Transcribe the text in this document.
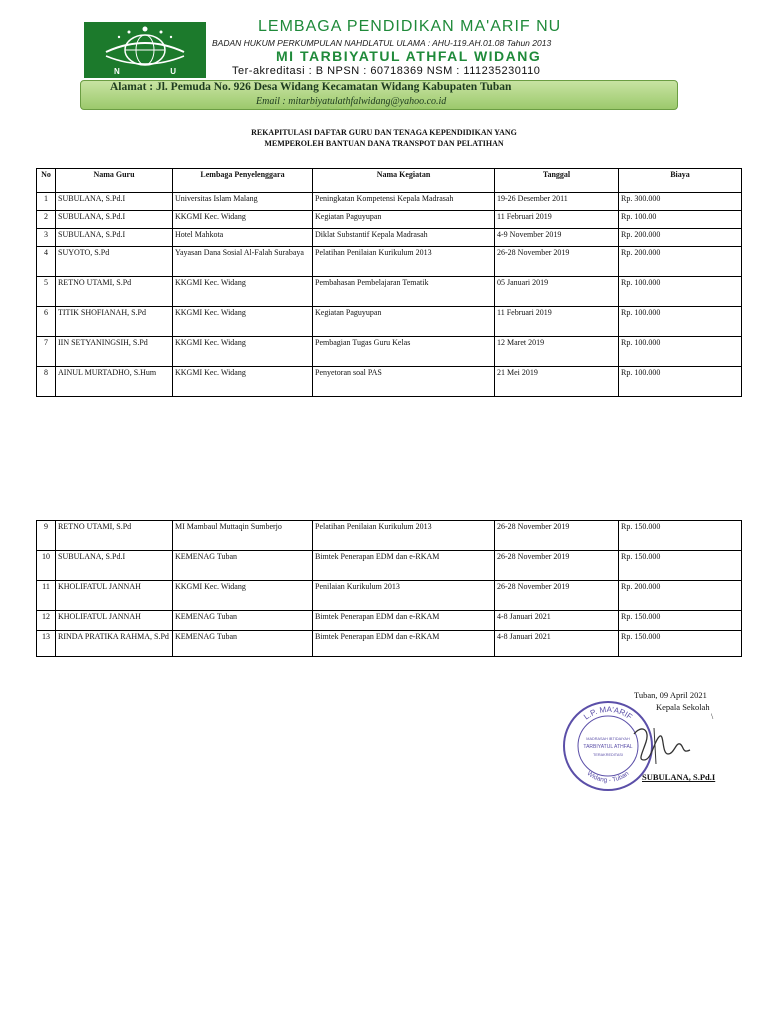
N	U
LEMBAGA PENDIDIKAN MA'ARIF NU
BADAN HUKUM PERKUMPULAN NAHDLATUL ULAMA : AHU-119.AH.01.08 Tahun 2013
MI TARBIYATUL ATHFAL WIDANG
Ter-akreditasi : B NPSN : 60718369 NSM : 111235230110
Alamat : Jl. Pemuda No. 926 Desa Widang Kecamatan Widang Kabupaten Tuban
Email : mitarbiyatulathfalwidang@yahoo.co.id
REKAPITULASI DAFTAR GURU DAN TENAGA KEPENDIDIKAN YANG
MEMPEROLEH BANTUAN DANA TRANSPOT DAN PELATIHAN
No	Nama Guru	Lembaga Penyelenggara	Nama Kegiatan	Tanggal	Biaya
1	SUBULANA, S.Pd.I	Universitas Islam Malang	Peningkatan Kompetensi Kepala Madrasah	19-26 Desember 2011	Rp. 300.000
2	SUBULANA, S.Pd.I	KKGMI Kec. Widang	Kegiatan Paguyupan	11 Februari 2019	Rp. 100.00
3	SUBULANA, S.Pd.I	Hotel Mahkota	Diklat Substantif Kepala Madrasah	4-9 November 2019	Rp. 200.000
4	SUYOTO, S.Pd	Yayasan Dana Sosial Al-Falah Surabaya	Pelatihan Penilaian Kurikulum 2013	26-28 November 2019	Rp. 200.000
5	RETNO UTAMI, S.Pd	KKGMI Kec. Widang	Pembahasan Pembelajaran Tematik	05 Januari 2019	Rp. 100.000
6	TITIK SHOFIANAH, S.Pd	KKGMI Kec. Widang	Kegiatan Paguyupan	11 Februari 2019	Rp. 100.000
7	IIN SETYANINGSIH, S.Pd	KKGMI Kec. Widang	Pembagian Tugas Guru Kelas	12 Maret 2019	Rp. 100.000
8	AINUL MURTADHO, S.Hum	KKGMI Kec. Widang	Penyetoran soal PAS	21 Mei 2019	Rp. 100.000
9	RETNO UTAMI, S.Pd	MI Mambaul Muttaqin Sumberjo	Pelatihan Penilaian Kurikulum 2013	26-28 November 2019	Rp. 150.000
10	SUBULANA, S.Pd.I	KEMENAG Tuban	Bimtek Penerapan EDM dan e-RKAM	26-28 November 2019	Rp. 150.000
11	KHOLIFATUL JANNAH	KKGMI Kec. Widang	Penilaian Kurikulum 2013	26-28 November 2019	Rp. 200.000
12	KHOLIFATUL JANNAH	KEMENAG Tuban	Bimtek Penerapan EDM dan e-RKAM	4-8 Januari 2021	Rp. 150.000
13	RINDA PRATIKA RAHMA, S.Pd	KEMENAG Tuban	Bimtek Penerapan EDM dan e-RKAM	4-8 Januari 2021	Rp. 150.000
L.P. MA'ARIF
Widang - Tuban
MADRASAH IBTIDAIYAH
TARBIYATUL ATHFAL
TERAKREDITASI
Tuban, 09 April 2021
Kepala Sekolah
\
SUBULANA, S.Pd.I
